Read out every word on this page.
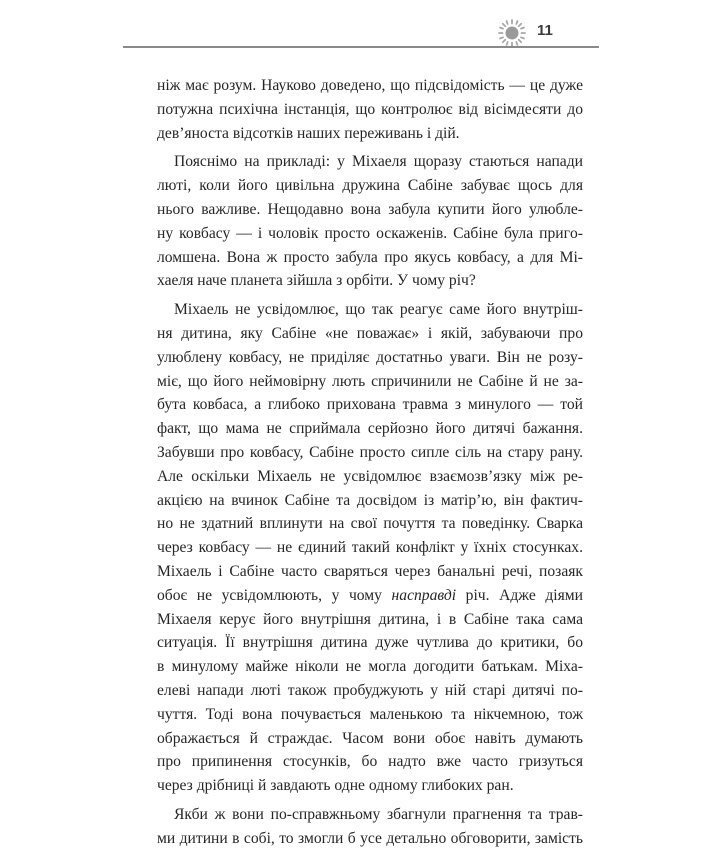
11
ніж має розум. Науково доведено, що підсвідомість — це дуже
потужна психічна інстанція, що контролює від вісімдесяти до
дев’яноста відсотків наших переживань і дій.
Пояснімо на прикладі: у Міхаеля щоразу стаються напади
люті, коли його цивільна дружина Сабіне забуває щось для
нього важливе. Нещодавно вона забула купити його улюблe-
ну ковбасу — і чоловік просто оскажeнів. Сабіне була пригo-
ломшена. Вона ж просто забула про якусь ковбасу, а для Мі-
хаеля наче планета зійшла з орбіти. У чому річ?
Міхаель не усвідомлює, що так реагує саме його внутріш-
ня дитина, яку Сабіне «не поважає» і якій, забуваючи про
улюблену ковбасу, не приділяє достатньо уваги. Він не розу-
міє, що його неймовірну лють спричинили не Сабіне й не за-
бута ковбаса, а глибоко прихована травма з минулого — той
факт, що мама не сприймала серйозно його дитячі бажання.
Забувши про ковбасу, Сабіне просто сипле сіль на стару рану.
Але оскільки Міхаель не усвідомлює взаємозв’язку між ре-
акцією на вчинок Сабіне та досвідом із матір’ю, він фактич-
но не здатний вплинути на свої почуття та поведінку. Сварка
через ковбасу — не єдиний такий конфлікт у їхніх стосунках.
Міхаель і Сабіне часто сваряться через банальні речі, позаяк
обоє не усвідомлюють, у чому насправді річ. Адже діями
Міхаеля керує його внутрішня дитина, і в Сабіне така сама
ситуація. Її внутрішня дитина дуже чутлива до критики, бо
в минулому майже ніколи не могла догодити батькам. Міха-
елеві напади люті також пробуджують у ній старі дитячі по-
чуття. Тоді вона почувається маленькою та нікчемною, тож
ображається й страждає. Часом вони обоє навіть думають
про припинення стосунків, бо надто вже часто гризуться
через дрібниці й завдають одне одному глибоких ран.
Якби ж вони по-справжньому збагнули прагнення та трав-
ми дитини в собі, то змогли б усе детально обговорити, замість
